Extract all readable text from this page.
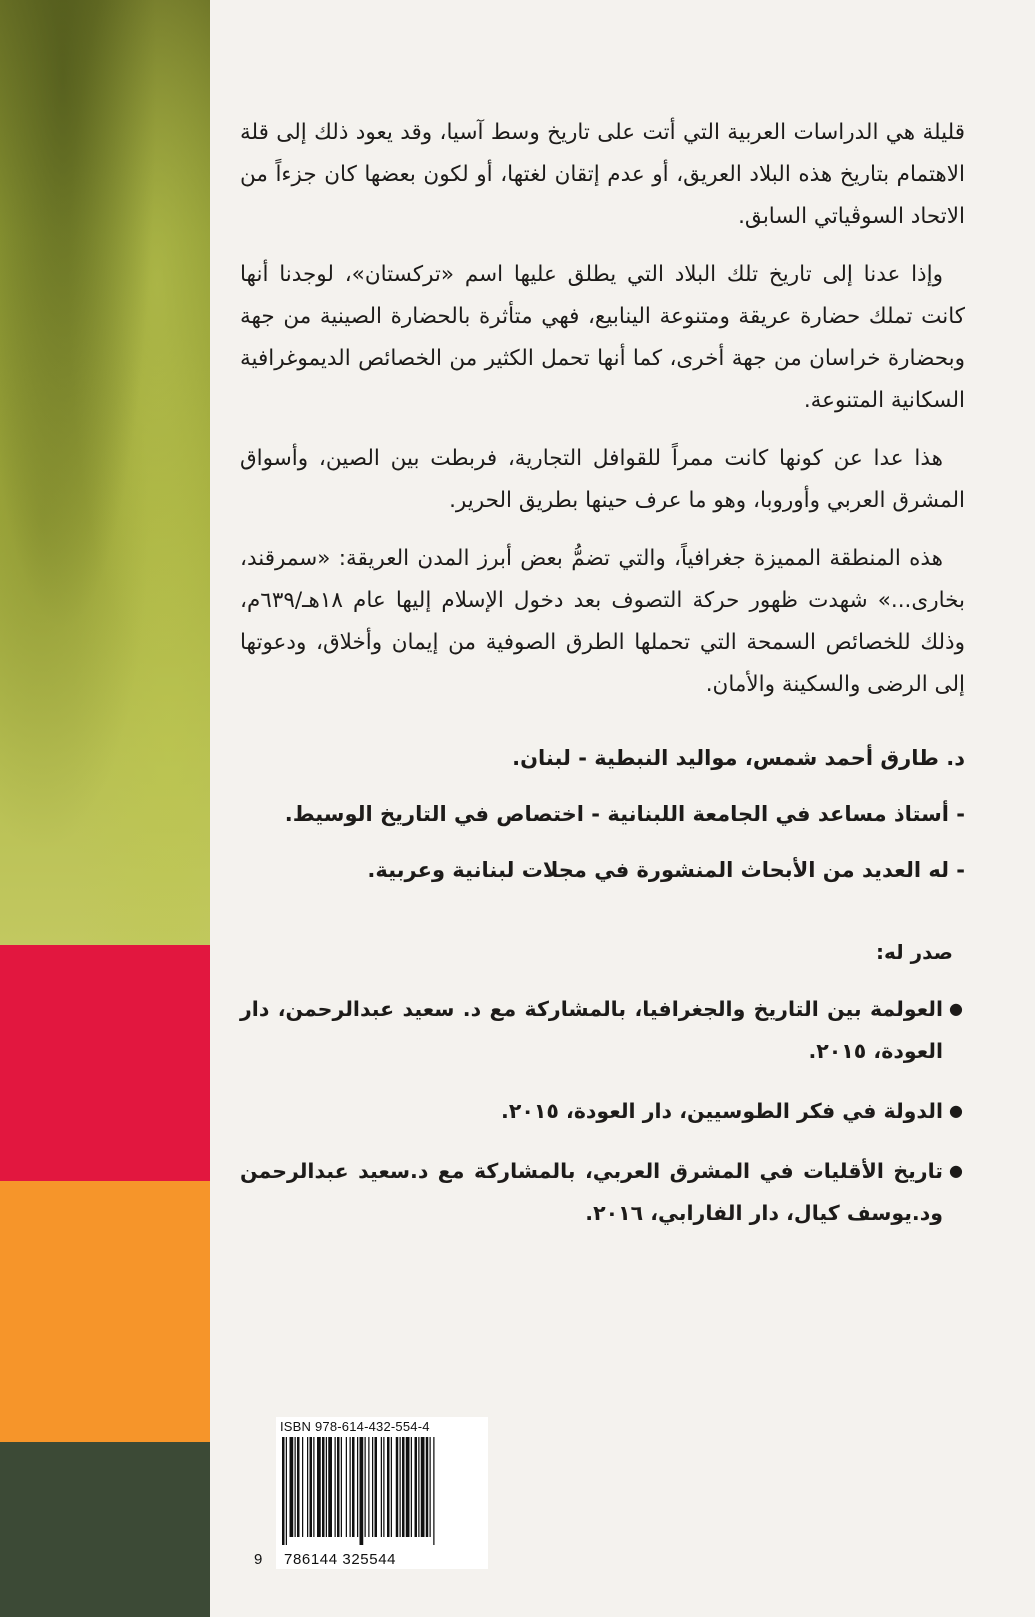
قليلة هي الدراسات العربية التي أتت على تاريخ وسط آسيا، وقد يعود ذلك إلى قلة الاهتمام بتاريخ هذه البلاد العريق، أو عدم إتقان لغتها، أو لكون بعضها كان جزءاً من الاتحاد السوڤياتي السابق.

وإذا عدنا إلى تاريخ تلك البلاد التي يطلق عليها اسم «تركستان»، لوجدنا أنها كانت تملك حضارة عريقة ومتنوعة الينابيع، فهي متأثرة بالحضارة الصينية من جهة وبحضارة خراسان من جهة أخرى، كما أنها تحمل الكثير من الخصائص الديموغرافية السكانية المتنوعة.

هذا عدا عن كونها كانت ممراً للقوافل التجارية، فربطت بين الصين، وأسواق المشرق العربي وأوروبا، وهو ما عرف حينها بطريق الحرير.

هذه المنطقة المميزة جغرافياً، والتي تضمُّ بعض أبرز المدن العريقة: «سمرقند، بخارى...» شهدت ظهور حركة التصوف بعد دخول الإسلام إليها عام ١٨هـ/٦٣٩م، وذلك للخصائص السمحة التي تحملها الطرق الصوفية من إيمان وأخلاق، ودعوتها إلى الرضى والسكينة والأمان.

د. طارق أحمد شمس، مواليد النبطية - لبنان.

- أستاذ مساعد في الجامعة اللبنانية - اختصاص في التاريخ الوسيط.

- له العديد من الأبحاث المنشورة في مجلات لبنانية وعربية.

صدر له:

●
العولمة بين التاريخ والجغرافيا، بالمشاركة مع د. سعيد عبدالرحمن، دار العودة، ٢٠١٥.
●
الدولة في فكر الطوسيين، دار العودة، ٢٠١٥.
●
تاريخ الأقليات في المشرق العربي، بالمشاركة مع د.سعيد عبدالرحمن ود.يوسف كيال، دار الفارابي، ٢٠١٦.
ISBN 978-614-432-554-4
9 786144 325544
